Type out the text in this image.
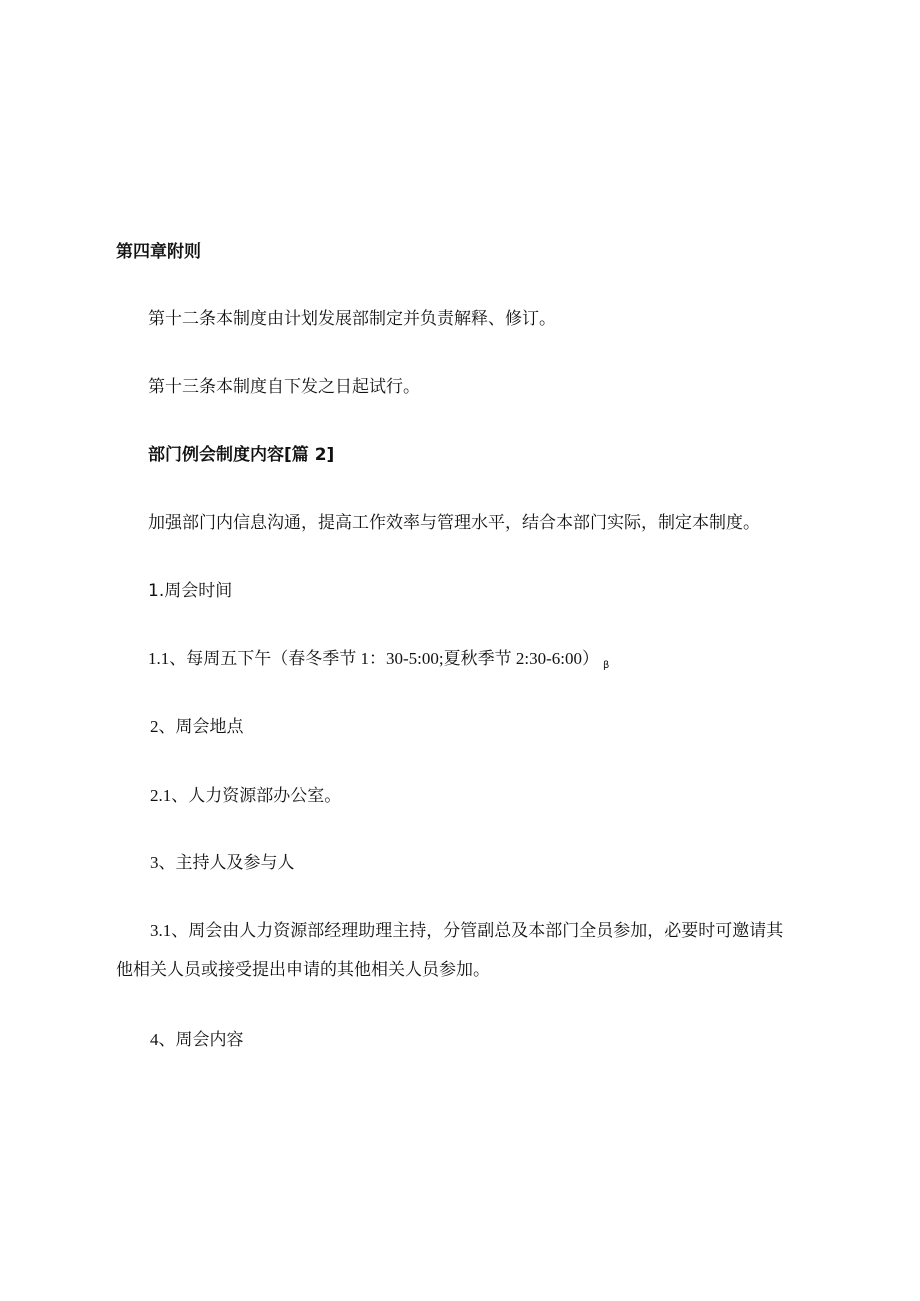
第四章附则

第十二条本制度由计划发展部制定并负责解释、修订。

第十三条本制度自下发之日起试行。

部门例会制度内容[篇 2]

加强部门内信息沟通，提高工作效率与管理水平，结合本部门实际，制定本制度。

1.周会时间

1.1、每周五下午（春冬季节 1：30-5:00;夏秋季节 2:30-6:00） $_\beta$

2、周会地点

2.1、人力资源部办公室。

3、主持人及参与人

3.1、周会由人力资源部经理助理主持，分管副总及本部门全员参加，必要时可邀请其

他相关人员或接受提出申请的其他相关人员参加。

4、周会内容
